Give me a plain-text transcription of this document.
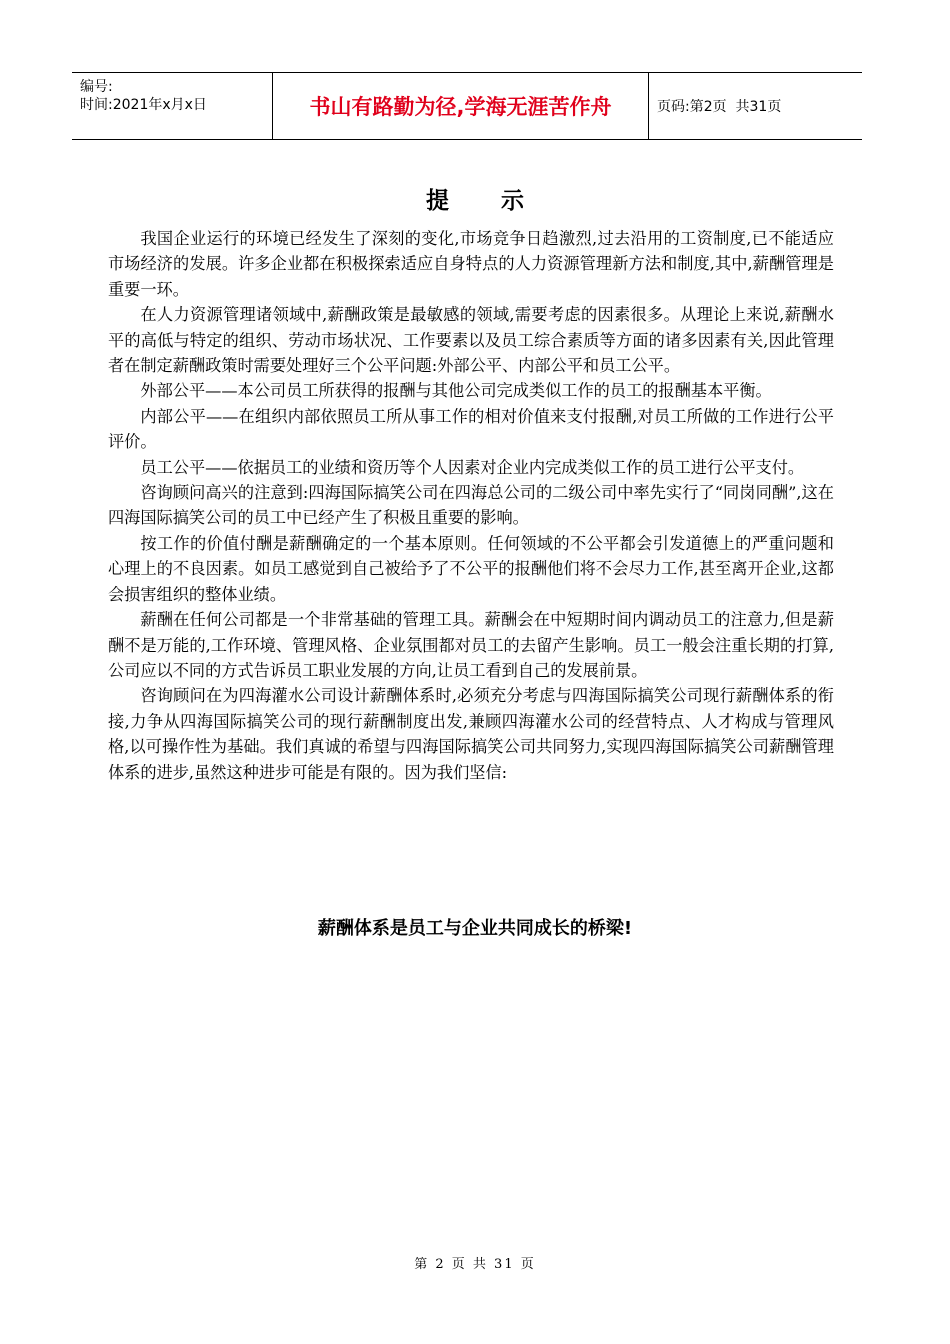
编号:
时间:2021年x月x日	书山有路勤为径,学海无涯苦作舟	页码:第2页  共31页
提示

我国企业运行的环境已经发生了深刻的变化,市场竞争日趋激烈,过去沿用的工资制度,已不能适应市场经济的发展。许多企业都在积极探索适应自身特点的人力资源管理新方法和制度,其中,薪酬管理是重要一环。

在人力资源管理诸领域中,薪酬政策是最敏感的领域,需要考虑的因素很多。从理论上来说,薪酬水平的高低与特定的组织、劳动市场状况、工作要素以及员工综合素质等方面的诸多因素有关,因此管理者在制定薪酬政策时需要处理好三个公平问题:外部公平、内部公平和员工公平。

外部公平——本公司员工所获得的报酬与其他公司完成类似工作的员工的报酬基本平衡。

内部公平——在组织内部依照员工所从事工作的相对价值来支付报酬,对员工所做的工作进行公平评价。

员工公平——依据员工的业绩和资历等个人因素对企业内完成类似工作的员工进行公平支付。

咨询顾问高兴的注意到:四海国际搞笑公司在四海总公司的二级公司中率先实行了“同岗同酬”,这在四海国际搞笑公司的员工中已经产生了积极且重要的影响。

按工作的价值付酬是薪酬确定的一个基本原则。任何领域的不公平都会引发道德上的严重问题和心理上的不良因素。如员工感觉到自己被给予了不公平的报酬他们将不会尽力工作,甚至离开企业,这都会损害组织的整体业绩。

薪酬在任何公司都是一个非常基础的管理工具。薪酬会在中短期时间内调动员工的注意力,但是薪酬不是万能的,工作环境、管理风格、企业氛围都对员工的去留产生影响。员工一般会注重长期的打算,公司应以不同的方式告诉员工职业发展的方向,让员工看到自己的发展前景。

咨询顾问在为四海灌水公司设计薪酬体系时,必须充分考虑与四海国际搞笑公司现行薪酬体系的衔接,力争从四海国际搞笑公司的现行薪酬制度出发,兼顾四海灌水公司的经营特点、人才构成与管理风格,以可操作性为基础。我们真诚的希望与四海国际搞笑公司共同努力,实现四海国际搞笑公司薪酬管理体系的进步,虽然这种进步可能是有限的。因为我们坚信:

薪酬体系是员工与企业共同成长的桥梁!
第 2 页 共 31 页
